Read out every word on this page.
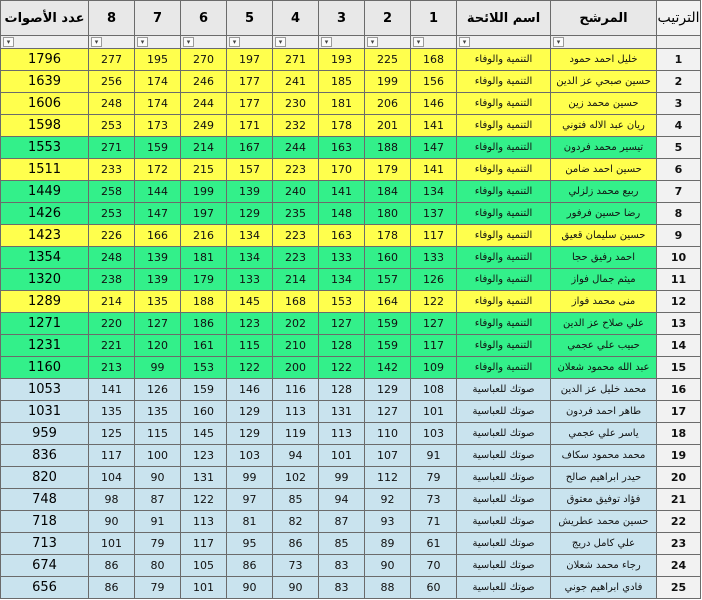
الترتيب	المرشح	اسم اللائحة	1	2	3	4	5	6	7	8	عدد الأصوات

	▾	▾	▾	▾	▾	▾	▾	▾	▾	▾	▾

1	خليل احمد حمود	التنمية والوفاء	168	225	193	271	197	270	195	277	1796
2	حسين صبحي عز الدين	التنمية والوفاء	156	199	185	241	177	246	174	256	1639
3	حسين محمد زين	التنمية والوفاء	146	206	181	230	177	244	174	248	1606
4	ريان عبد الاله فتوني	التنمية والوفاء	141	201	178	232	171	249	173	253	1598
5	تيسير محمد فردون	التنمية والوفاء	147	188	163	244	167	214	159	271	1553
6	حسين احمد ضامن	التنمية والوفاء	141	179	170	223	157	215	172	233	1511
7	ربيع محمد زلزلي	التنمية والوفاء	134	184	141	240	139	199	144	258	1449
8	رضا حسين فرفور	التنمية والوفاء	137	180	148	235	129	197	147	253	1426
9	حسين سليمان قعيق	التنمية والوفاء	117	178	163	223	134	216	166	226	1423
10	احمد رفيق حجا	التنمية والوفاء	133	160	133	223	134	181	139	248	1354
11	ميثم جمال فواز	التنمية والوفاء	126	157	134	214	133	179	139	238	1320
12	منى محمد فواز	التنمية والوفاء	122	164	153	168	145	188	135	214	1289
13	علي صلاح عز الدين	التنمية والوفاء	127	159	127	202	123	186	127	220	1271
14	حبيب علي عجمي	التنمية والوفاء	117	159	128	210	115	161	120	221	1231
15	عبد الله محمود شعلان	التنمية والوفاء	109	142	122	200	122	153	99	213	1160
16	محمد خليل عز الدين	صوتك للعباسية	108	129	128	116	146	159	126	141	1053
17	طاهر احمد فردون	صوتك للعباسية	101	127	131	113	129	160	135	135	1031
18	ياسر علي عجمي	صوتك للعباسية	103	110	113	119	129	145	115	125	959
19	محمد محمود سكاف	صوتك للعباسية	91	107	101	94	103	123	100	117	836
20	حيدر ابراهيم صالح	صوتك للعباسية	79	112	99	102	99	131	90	104	820
21	فؤاد توفيق معتوق	صوتك للعباسية	73	92	94	85	97	122	87	98	748
22	حسين محمد عطريش	صوتك للعباسية	71	93	87	82	81	113	91	90	718
23	علي كامل دريج	صوتك للعباسية	61	89	85	86	95	117	79	101	713
24	رجاء محمد شعلان	صوتك للعباسية	70	90	83	73	86	105	80	86	674
25	فادي ابراهيم جوني	صوتك للعباسية	60	88	83	90	90	101	79	86	656
